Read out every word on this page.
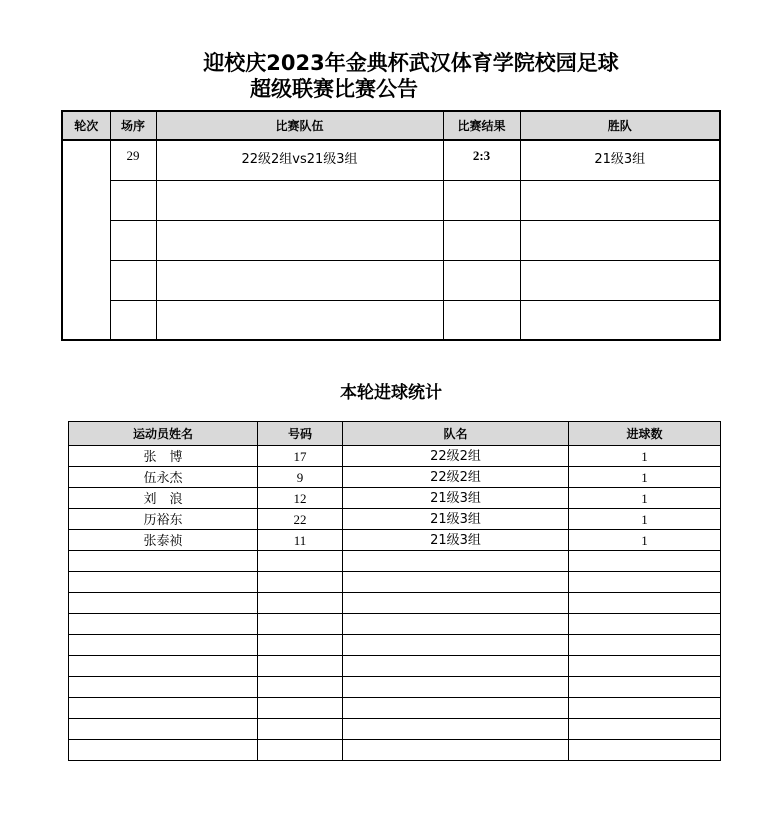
迎校庆2023年金典杯武汉体育学院校园足球
超级联赛比赛公告
轮次	场序	比赛队伍	比赛结果	胜队
	29	22级2组vs21级3组	2:3	21级3组

本轮进球统计
运动员姓名	号码	队名	进球数
张　博	17	22级2组	1
伍永杰	9	22级2组	1
刘　浪	12	21级3组	1
历裕东	22	21级3组	1
张泰祯	11	21级3组	1
